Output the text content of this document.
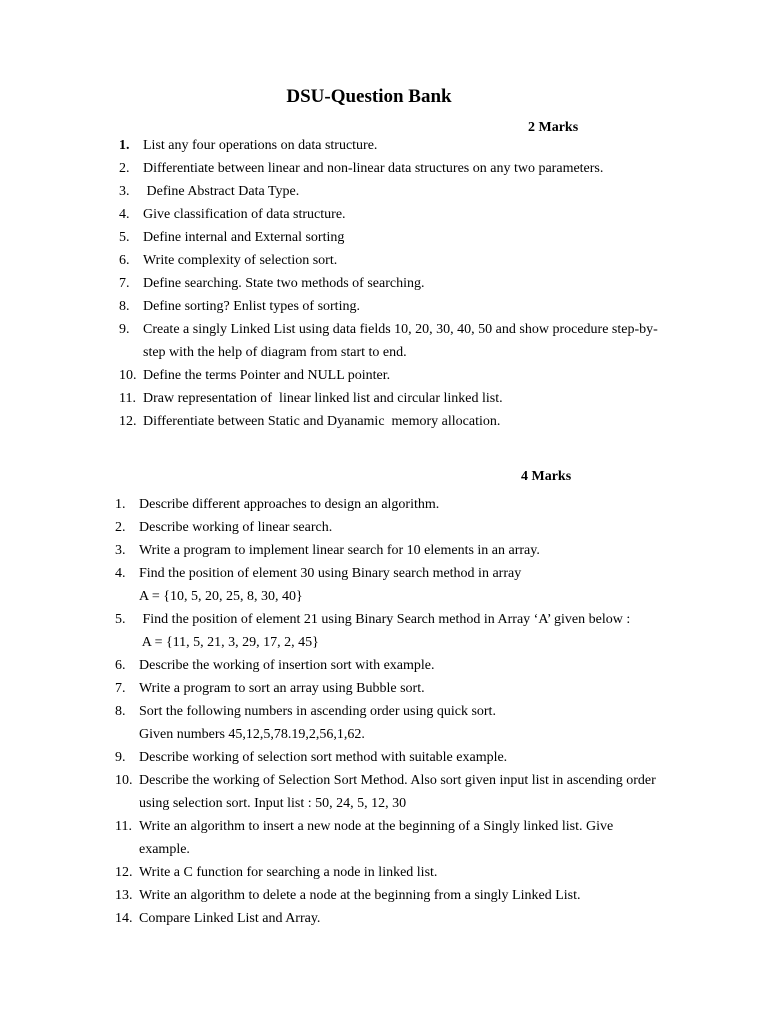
DSU-Question Bank
2 Marks
1. List any four operations on data structure.
2. Differentiate between linear and non-linear data structures on any two parameters.
3. Define Abstract Data Type.
4. Give classification of data structure.
5. Define internal and External sorting
6. Write complexity of selection sort.
7. Define searching. State two methods of searching.
8. Define sorting? Enlist types of sorting.
9. Create a singly Linked List using data fields 10, 20, 30, 40, 50 and show procedure step-by-
step with the help of diagram from start to end.
10. Define the terms Pointer and NULL pointer.
11. Draw representation of  linear linked list and circular linked list.
12. Differentiate between Static and Dyanamic  memory allocation.
4 Marks
1. Describe different approaches to design an algorithm.
2. Describe working of linear search.
3. Write a program to implement linear search for 10 elements in an array.
4. Find the position of element 30 using Binary search method in array
A = {10, 5, 20, 25, 8, 30, 40}
5. Find the position of element 21 using Binary Search method in Array ‘A’ given below :
A = {11, 5, 21, 3, 29, 17, 2, 45}
6. Describe the working of insertion sort with example.
7. Write a program to sort an array using Bubble sort.
8. Sort the following numbers in ascending order using quick sort.
Given numbers 45,12,5,78.19,2,56,1,62.
9. Describe working of selection sort method with suitable example.
10. Describe the working of Selection Sort Method. Also sort given input list in ascending order
using selection sort. Input list : 50, 24, 5, 12, 30
11. Write an algorithm to insert a new node at the beginning of a Singly linked list. Give
example.
12. Write a C function for searching a node in linked list.
13. Write an algorithm to delete a node at the beginning from a singly Linked List.
14. Compare Linked List and Array.
